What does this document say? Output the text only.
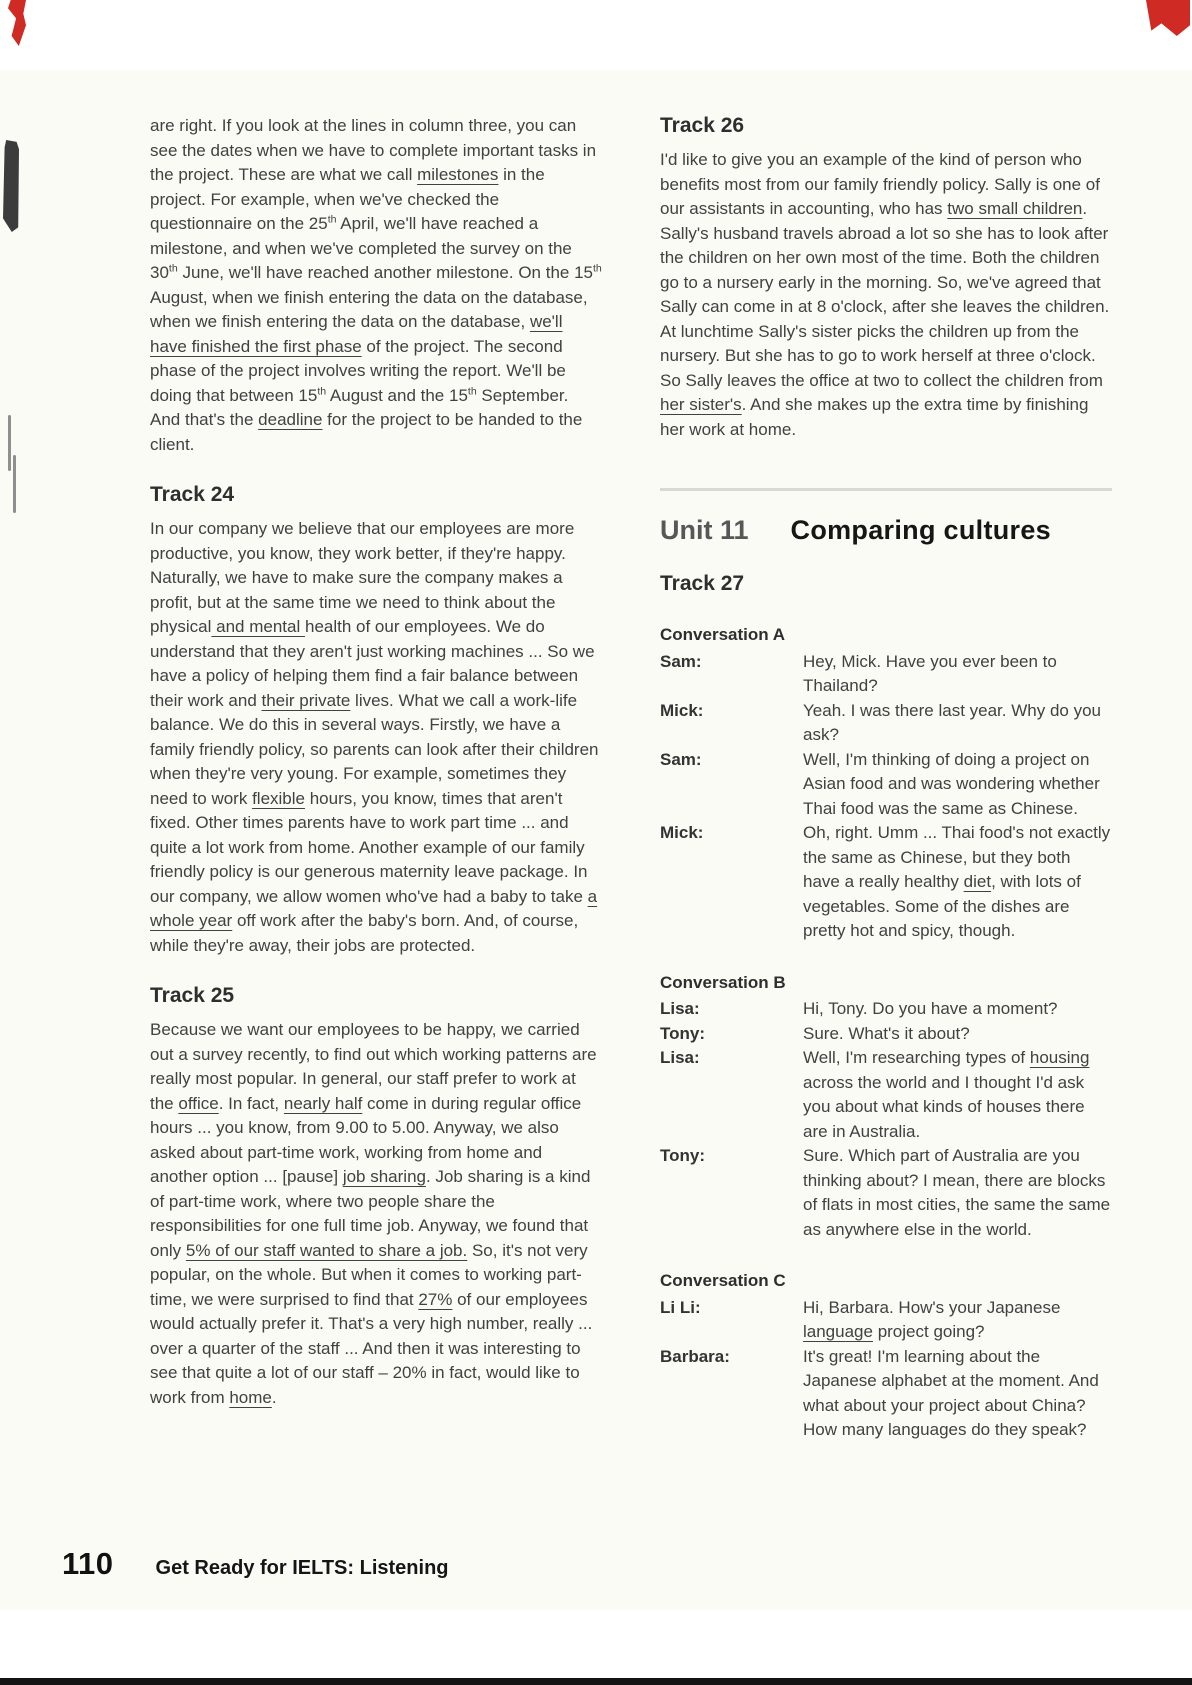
are right. If you look at the lines in column three, you can see the dates when we have to complete important tasks in the project. These are what we call milestones in the project. For example, when we've checked the questionnaire on the 25th April, we'll have reached a milestone, and when we've completed the survey on the 30th June, we'll have reached another milestone. On the 15th August, when we finish entering the data on the database, when we finish entering the data on the database, we'll have finished the first phase of the project. The second phase of the project involves writing the report. We'll be doing that between 15th August and the 15th September. And that's the deadline for the project to be handed to the client.

Track 24

In our company we believe that our employees are more productive, you know, they work better, if they're happy. Naturally, we have to make sure the company makes a profit, but at the same time we need to think about the physical and mental health of our employees. We do understand that they aren't just working machines ... So we have a policy of helping them find a fair balance between their work and their private lives. What we call a work-life balance. We do this in several ways. Firstly, we have a family friendly policy, so parents can look after their children when they're very young. For example, sometimes they need to work flexible hours, you know, times that aren't fixed. Other times parents have to work part time ... and quite a lot work from home. Another example of our family friendly policy is our generous maternity leave package. In our company, we allow women who've had a baby to take a whole year off work after the baby's born. And, of course, while they're away, their jobs are protected.

Track 25

Because we want our employees to be happy, we carried out a survey recently, to find out which working patterns are really most popular. In general, our staff prefer to work at the office. In fact, nearly half come in during regular office hours ... you know, from 9.00 to 5.00. Anyway, we also asked about part-time work, working from home and another option ... [pause] job sharing. Job sharing is a kind of part-time work, where two people share the responsibilities for one full time job. Anyway, we found that only 5% of our staff wanted to share a job. So, it's not very popular, on the whole. But when it comes to working part-time, we were surprised to find that 27% of our employees would actually prefer it. That's a very high number, really ... over a quarter of the staff ... And then it was interesting to see that quite a lot of our staff – 20% in fact, would like to work from home.

Track 26

I'd like to give you an example of the kind of person who benefits most from our family friendly policy. Sally is one of our assistants in accounting, who has two small children. Sally's husband travels abroad a lot so she has to look after the children on her own most of the time. Both the children go to a nursery early in the morning. So, we've agreed that Sally can come in at 8 o'clock, after she leaves the children. At lunchtime Sally's sister picks the children up from the nursery. But she has to go to work herself at three o'clock. So Sally leaves the office at two to collect the children from her sister's. And she makes up the extra time by finishing her work at home.

Unit 11 Comparing cultures
Track 27
Conversation A
Sam:	Hey, Mick. Have you ever been to Thailand?
Mick:	Yeah. I was there last year. Why do you ask?
Sam:	Well, I'm thinking of doing a project on Asian food and was wondering whether Thai food was the same as Chinese.
Mick:	Oh, right. Umm ... Thai food's not exactly the same as Chinese, but they both have a really healthy diet, with lots of vegetables. Some of the dishes are pretty hot and spicy, though.
Conversation B
Lisa:	Hi, Tony. Do you have a moment?
Tony:	Sure. What's it about?
Lisa:	Well, I'm researching types of housing across the world and I thought I'd ask you about what kinds of houses there are in Australia.
Tony:	Sure. Which part of Australia are you thinking about? I mean, there are blocks of flats in most cities, the same the same as anywhere else in the world.
Conversation C
Li Li:	Hi, Barbara. How's your Japanese language project going?
Barbara:	It's great! I'm learning about the Japanese alphabet at the moment. And what about your project about China? How many languages do they speak?
110 Get Ready for IELTS: Listening
